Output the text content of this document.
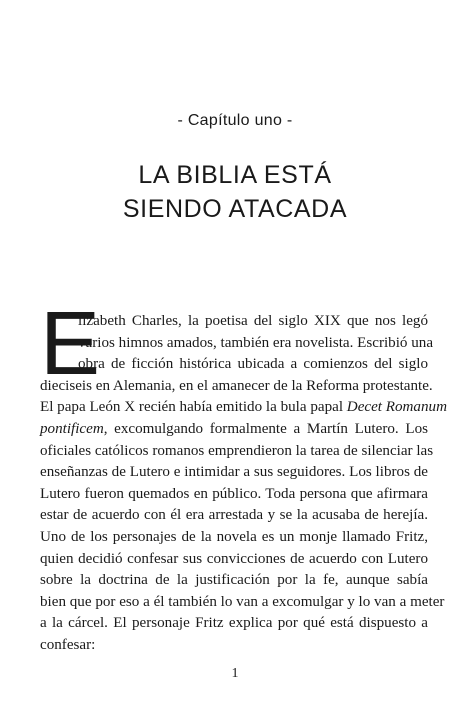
- Capítulo uno -
LA BIBLIA ESTÁ
SIENDO ATACADA
E
lizabeth Charles, la poetisa del siglo XIX que nos legó
varios himnos amados, también era novelista. Escribió una
obra de ficción histórica ubicada a comienzos del siglo
dieciseis en Alemania, en el amanecer de la Reforma protestante.
El papa León X recién había emitido la bula papal Decet Romanum
pontificem, excomulgando formalmente a Martín Lutero. Los
oficiales católicos romanos emprendieron la tarea de silenciar las
enseñanzas de Lutero e intimidar a sus seguidores. Los libros de
Lutero fueron quemados en público. Toda persona que afirmara
estar de acuerdo con él era arrestada y se la acusaba de herejía.
Uno de los personajes de la novela es un monje llamado Fritz,
quien decidió confesar sus convicciones de acuerdo con Lutero
sobre la doctrina de la justificación por la fe, aunque sabía
bien que por eso a él también lo van a excomulgar y lo van a meter
a la cárcel. El personaje Fritz explica por qué está dispuesto a
confesar:
1
